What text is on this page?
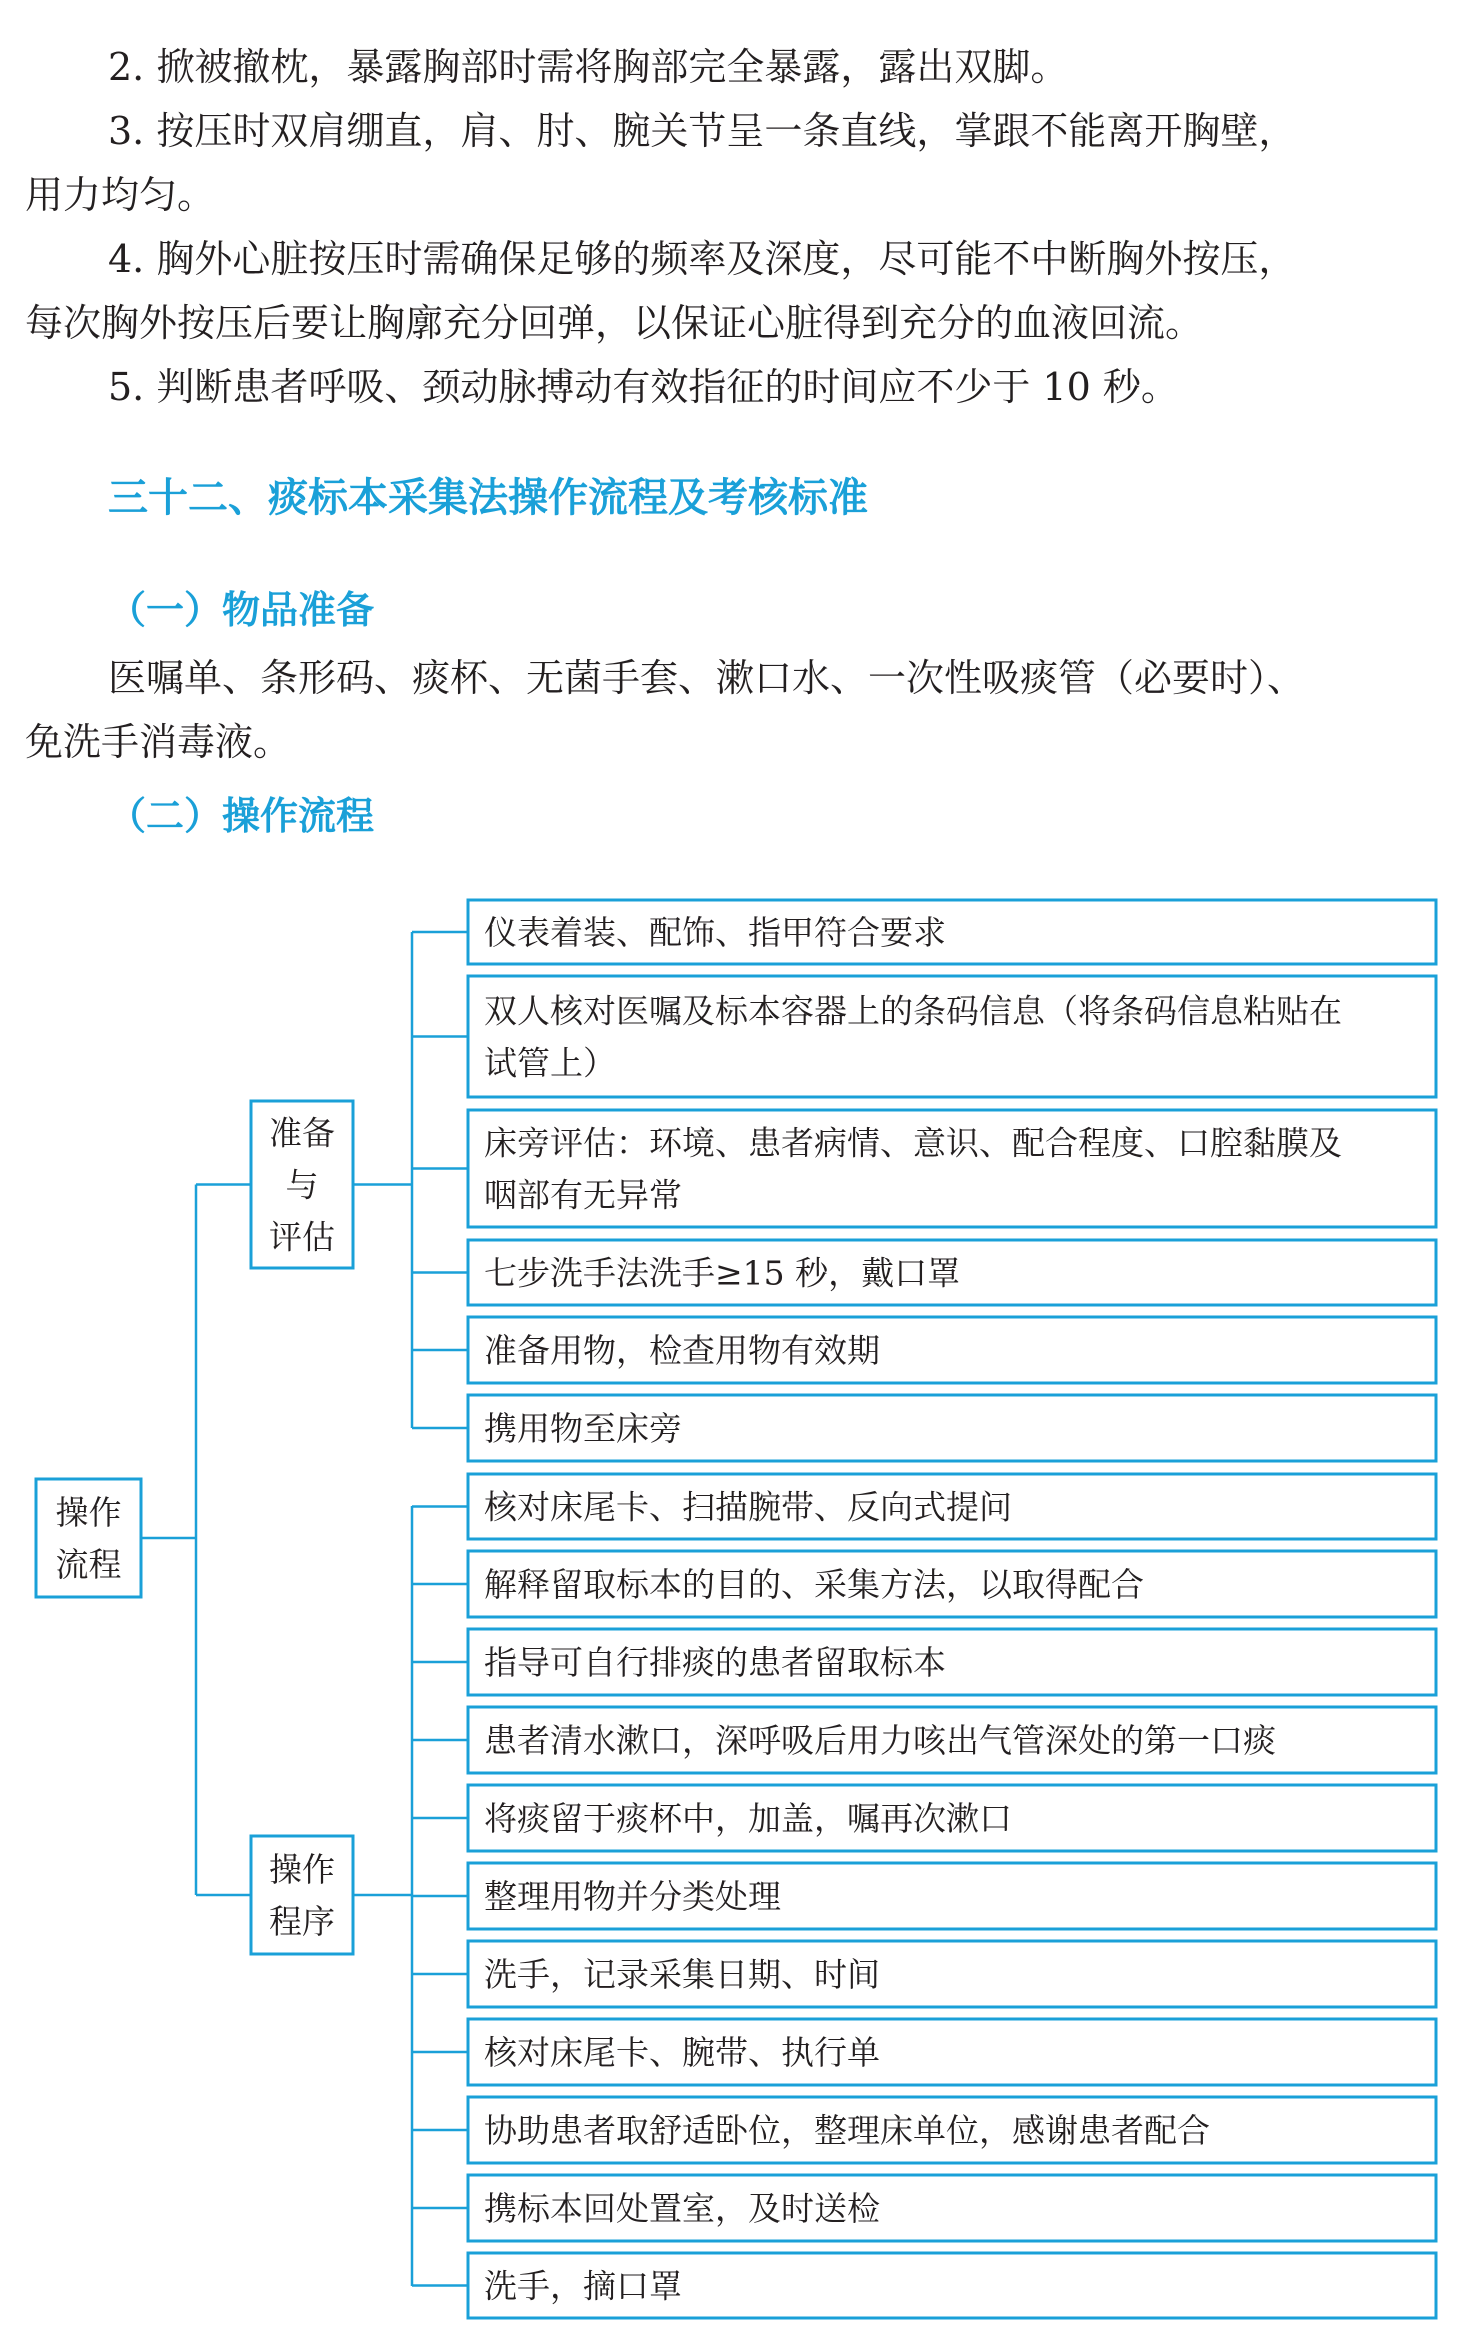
2. 掀被撤枕，暴露胸部时需将胸部完全暴露，露出双脚。

3. 按压时双肩绷直，肩、肘、腕关节呈一条直线，掌跟不能离开胸壁，

用力均匀。

4. 胸外心脏按压时需确保足够的频率及深度，尽可能不中断胸外按压，

每次胸外按压后要让胸廓充分回弹，以保证心脏得到充分的血液回流。

5. 判断患者呼吸、颈动脉搏动有效指征的时间应不少于 10 秒。

三十二、痰标本采集法操作流程及考核标准
（一）物品准备

医嘱单、条形码、痰杯、无菌手套、漱口水、一次性吸痰管（必要时）、

免洗手消毒液。

（二）操作流程
操作
流程
准备
与
评估
仪表着装、配饰、指甲符合要求
双人核对医嘱及标本容器上的条码信息（将条码信息粘贴在
试管上）
床旁评估：环境、患者病情、意识、配合程度、口腔黏膜及
咽部有无异常
七步洗手法洗手≥15 秒，戴口罩
准备用物，检查用物有效期
携用物至床旁
操作
程序
核对床尾卡、扫描腕带、反向式提问
解释留取标本的目的、采集方法，以取得配合
指导可自行排痰的患者留取标本
患者清水漱口，深呼吸后用力咳出气管深处的第一口痰
将痰留于痰杯中，加盖，嘱再次漱口
整理用物并分类处理
洗手，记录采集日期、时间
核对床尾卡、腕带、执行单
协助患者取舒适卧位，整理床单位，感谢患者配合
携标本回处置室，及时送检
洗手，摘口罩
